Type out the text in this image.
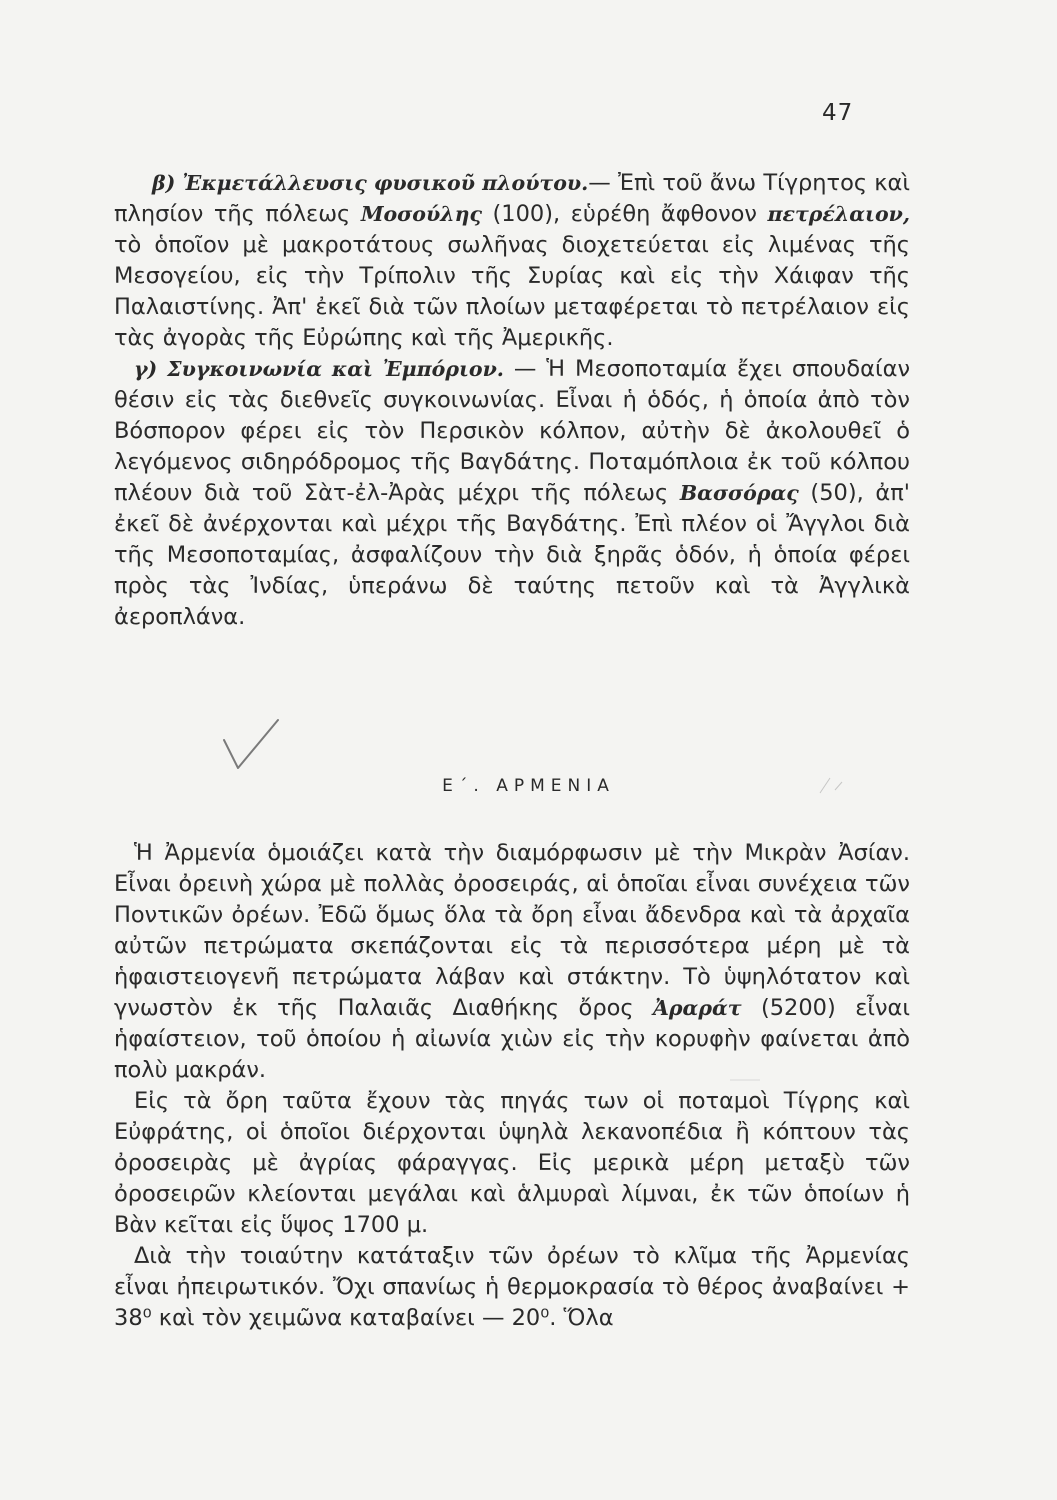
47

β) Ἐκμετάλλευσις φυσικοῦ πλούτου.— Ἐπὶ τοῦ ἄνω Τίγρητος καὶ πλησίον τῆς πόλεως Μοσούλης (100), εὑρέθη ἄφθονον πετρέλαιον, τὸ ὁποῖον μὲ μακροτάτους σωλῆνας διοχετεύεται εἰς λιμένας τῆς Μεσογείου, εἰς τὴν Τρίπολιν τῆς Συρίας καὶ εἰς τὴν Χάιφαν τῆς Παλαιστίνης. Ἀπ' ἐκεῖ διὰ τῶν πλοίων μεταφέρεται τὸ πετρέλαιον εἰς τὰς ἀγορὰς τῆς Εὐρώπης καὶ τῆς Ἀμερικῆς.

γ) Συγκοινωνία καὶ Ἐμπόριον. — Ἡ Μεσοποταμία ἔχει σπουδαίαν θέσιν εἰς τὰς διεθνεῖς συγκοινωνίας. Εἶναι ἡ ὁδός, ἡ ὁποία ἀπὸ τὸν Βόσπορον φέρει εἰς τὸν Περσικὸν κόλπον, αὐτὴν δὲ ἀκολουθεῖ ὁ λεγόμενος σιδηρόδρομος τῆς Βαγδάτης. Ποταμόπλοια ἐκ τοῦ κόλπου πλέουν διὰ τοῦ Σὰτ-ἐλ-Ἀρὰς μέχρι τῆς πόλεως Βασσόρας (50), ἀπ' ἐκεῖ δὲ ἀνέρχονται καὶ μέχρι τῆς Βαγδάτης. Ἐπὶ πλέον οἱ Ἄγγλοι διὰ τῆς Μεσοποταμίας, ἀσφαλίζουν τὴν διὰ ξηρᾶς ὁδόν, ἡ ὁποία φέρει πρὸς τὰς Ἰνδίας, ὑπεράνω δὲ ταύτης πετοῦν καὶ τὰ Ἀγγλικὰ ἀεροπλάνα.

Ε΄. ΑΡΜΕΝΙΑ

Ἡ Ἀρμενία ὁμοιάζει κατὰ τὴν διαμόρφωσιν μὲ τὴν Μικρὰν Ἀσίαν. Εἶναι ὀρεινὴ χώρα μὲ πολλὰς ὀροσειράς, αἱ ὁποῖαι εἶναι συνέχεια τῶν Ποντικῶν ὀρέων. Ἐδῶ ὅμως ὅλα τὰ ὄρη εἶναι ἄδενδρα καὶ τὰ ἀρχαῖα αὐτῶν πετρώματα σκεπάζονται εἰς τὰ περισσότερα μέρη μὲ τὰ ἡφαιστειογενῆ πετρώματα λάβαν καὶ στάκτην. Τὸ ὑψηλότατον καὶ γνωστὸν ἐκ τῆς Παλαιᾶς Διαθήκης ὄρος Ἀραράτ (5200) εἶναι ἡφαίστειον, τοῦ ὁποίου ἡ αἰωνία χιὼν εἰς τὴν κορυφὴν φαίνεται ἀπὸ πολὺ μακράν.

Εἰς τὰ ὄρη ταῦτα ἔχουν τὰς πηγάς των οἱ ποταμοὶ Τίγρης καὶ Εὐφράτης, οἱ ὁποῖοι διέρχονται ὑψηλὰ λεκανοπέδια ἢ κόπτουν τὰς ὀροσειρὰς μὲ ἀγρίας φάραγγας. Εἰς μερικὰ μέρη μεταξὺ τῶν ὀροσειρῶν κλείονται μεγάλαι καὶ ἁλμυραὶ λίμναι, ἐκ τῶν ὁποίων ἡ Βὰν κεῖται εἰς ὕψος 1700 μ.

Διὰ τὴν τοιαύτην κατάταξιν τῶν ὀρέων τὸ κλῖμα τῆς Ἀρμενίας εἶναι ἠπειρωτικόν. Ὄχι σπανίως ἡ θερμοκρασία τὸ θέρος ἀναβαίνει + 38⁰ καὶ τὸν χειμῶνα καταβαίνει — 20⁰. Ὅλα
